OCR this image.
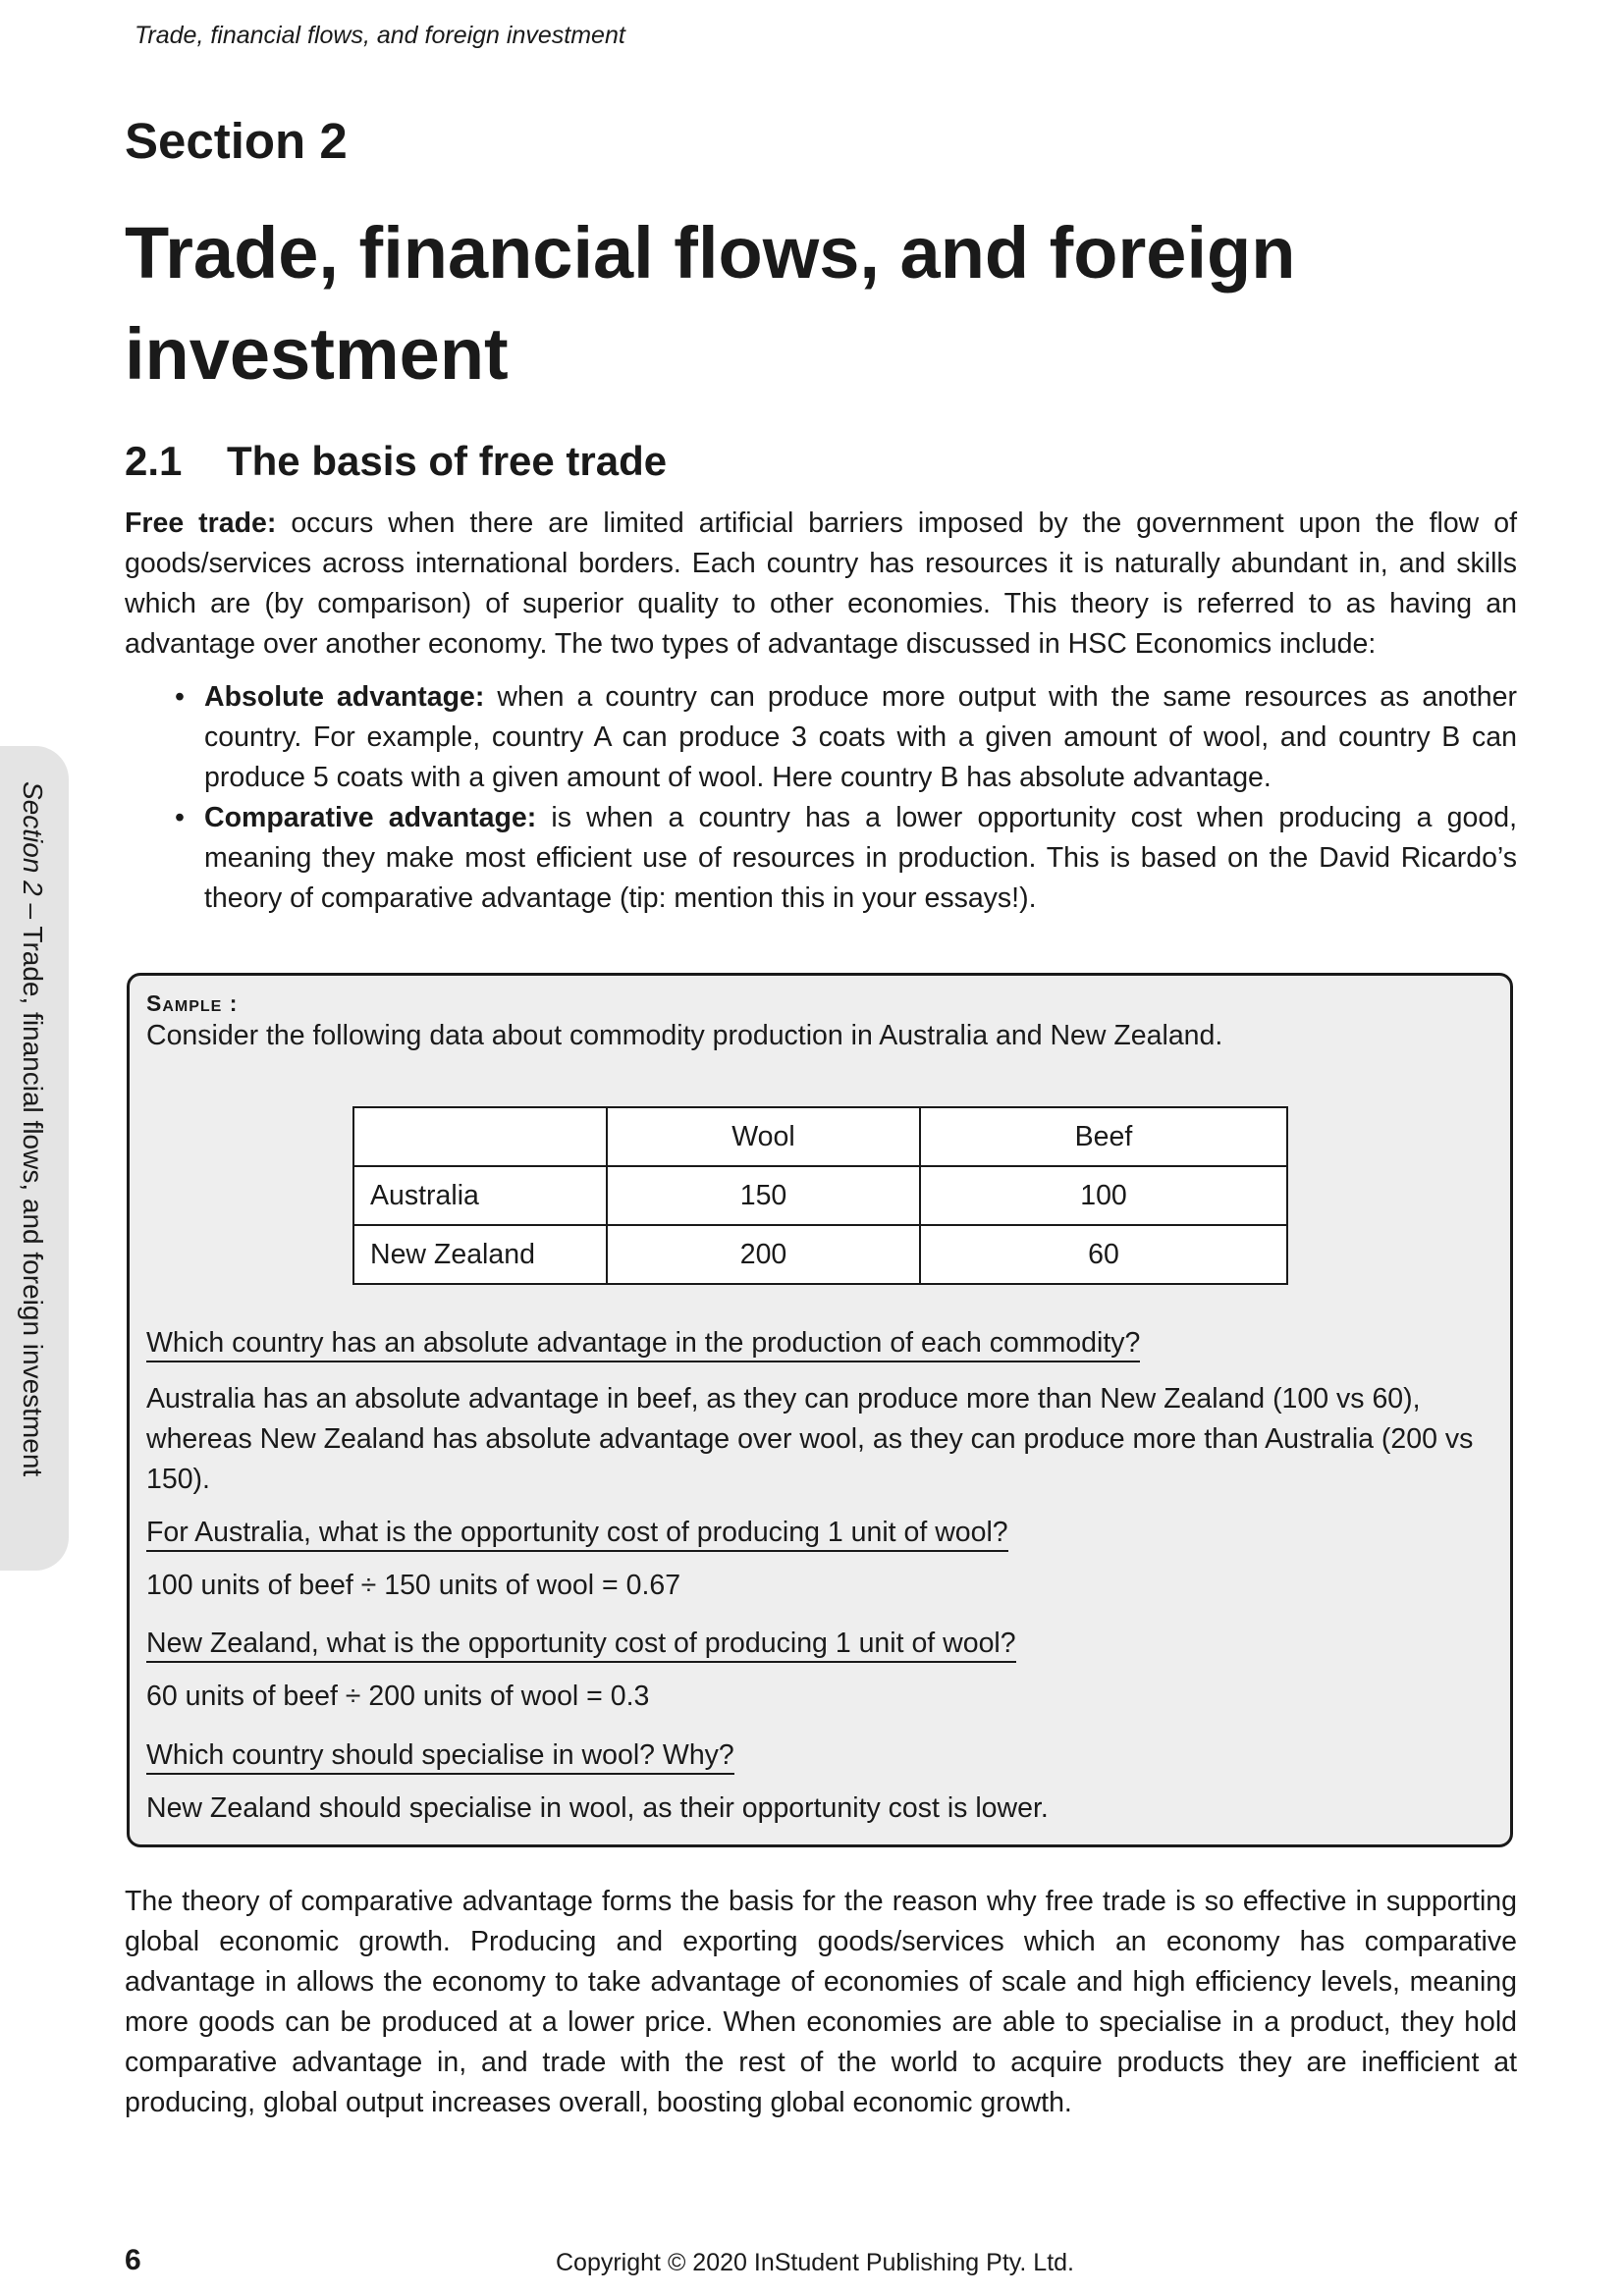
Trade, financial flows, and foreign investment
Section 2 – Trade, financial flows, and foreign investment
Section 2
Trade, financial flows, and foreign investment
2.1 The basis of free trade

Free trade: occurs when there are limited artificial barriers imposed by the government upon the flow of goods/services across international borders. Each country has resources it is naturally abundant in, and skills which are (by comparison) of superior quality to other economies. This theory is referred to as having an advantage over another economy. The two types of advantage discussed in HSC Economics include:

• Absolute advantage: when a country can produce more output with the same resources as another country. For example, country A can produce 3 coats with a given amount of wool, and country B can produce 5 coats with a given amount of wool. Here country B has absolute advantage.
• Comparative advantage: is when a country has a lower opportunity cost when producing a good, meaning they make most efficient use of resources in production. This is based on the David Ricardo’s theory of comparative advantage (tip: mention this in your essays!).
Sample :
Consider the following data about commodity production in Australia and New Zealand.
	Wool	Beef
Australia	150	100
New Zealand	200	60
Which country has an absolute advantage in the production of each commodity?
Australia has an absolute advantage in beef, as they can produce more than New Zealand (100 vs 60), whereas New Zealand has absolute advantage over wool, as they can produce more than Australia (200 vs 150).
For Australia, what is the opportunity cost of producing 1 unit of wool?
100 units of beef ÷ 150 units of wool = 0.67
New Zealand, what is the opportunity cost of producing 1 unit of wool?
60 units of beef ÷ 200 units of wool = 0.3
Which country should specialise in wool? Why?
New Zealand should specialise in wool, as their opportunity cost is lower.

The theory of comparative advantage forms the basis for the reason why free trade is so effective in supporting global economic growth. Producing and exporting goods/services which an economy has comparative advantage in allows the economy to take advantage of economies of scale and high efficiency levels, meaning more goods can be produced at a lower price. When economies are able to specialise in a product, they hold comparative advantage in, and trade with the rest of the world to acquire products they are inefficient at producing, global output increases overall, boosting global economic growth.

6	Copyright © 2020 InStudent Publishing Pty. Ltd.
